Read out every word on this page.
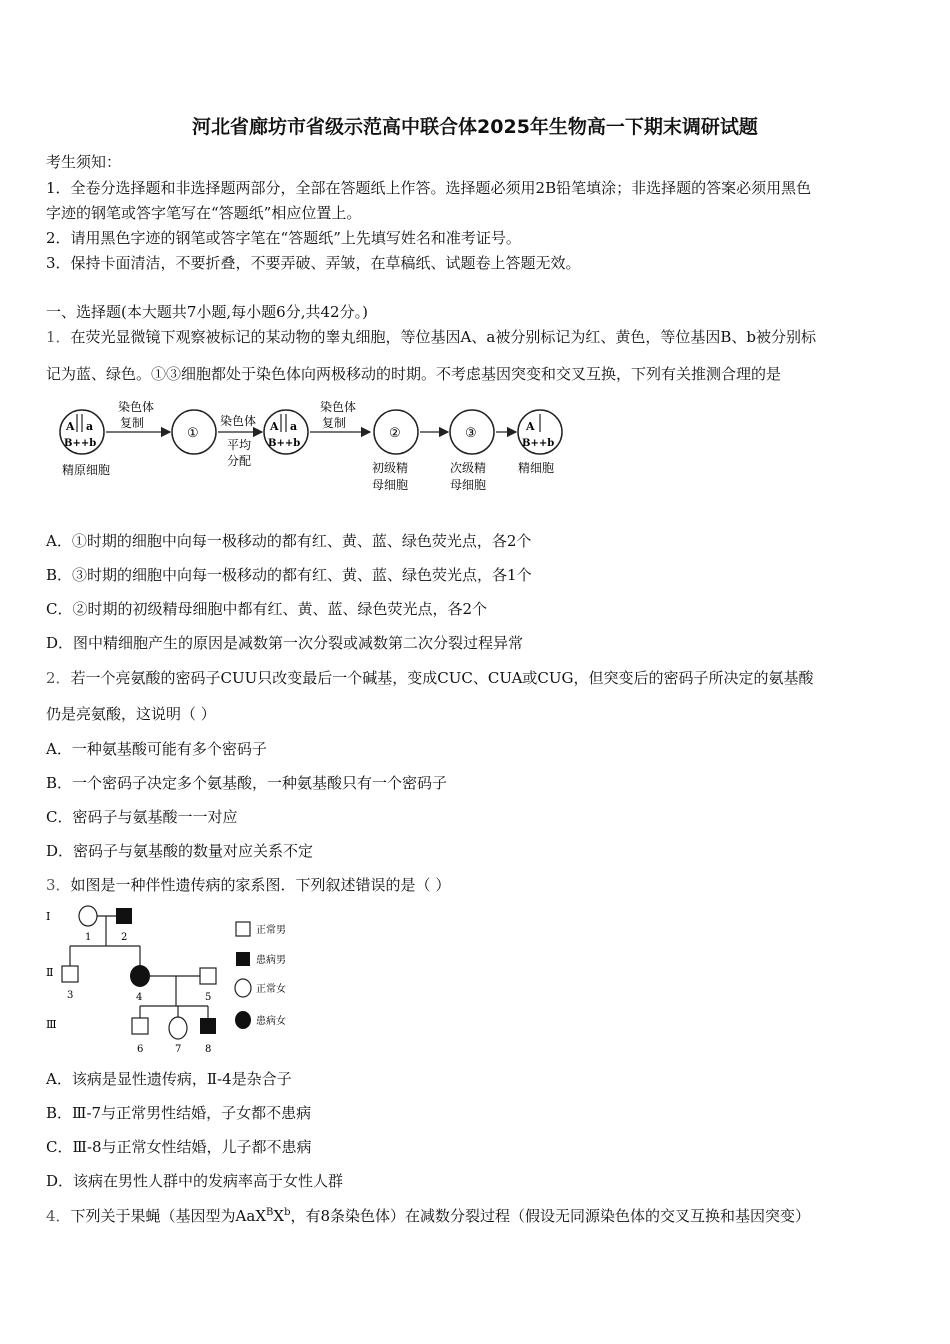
河北省廊坊市省级示范高中联合体2025年生物高一下期末调研试题
考生须知：
1．全卷分选择题和非选择题两部分，全部在答题纸上作答。选择题必须用2B铅笔填涂；非选择题的答案必须用黑色
字迹的钢笔或答字笔写在“答题纸”相应位置上。
2．请用黑色字迹的钢笔或答字笔在“答题纸”上先填写姓名和准考证号。
3．保持卡面清洁，不要折叠，不要弄破、弄皱，在草稿纸、试题卷上答题无效。
一、选择题(本大题共7小题,每小题6分,共42分。)
1．在荧光显微镜下观察被标记的某动物的睾丸细胞，等位基因A、a被分别标记为红、黄色，等位基因B、b被分别标
记为蓝、绿色。①③细胞都处于染色体向两极移动的时期。不考虑基因突变和交叉互换，下列有关推测合理的是
A a
B++b
精原细胞
染色体
复制
①
染色体
平均
分配
A a
B++b
染色体
复制
②
初级精
母细胞
③
次级精
母细胞
A
B++b
精细胞
A．①时期的细胞中向每一极移动的都有红、黄、蓝、绿色荧光点，各2个
B．③时期的细胞中向每一极移动的都有红、黄、蓝、绿色荧光点，各1个
C．②时期的初级精母细胞中都有红、黄、蓝、绿色荧光点，各2个
D．图中精细胞产生的原因是减数第一次分裂或减数第二次分裂过程异常
2．若一个亮氨酸的密码子CUU只改变最后一个碱基，变成CUC、CUA或CUG，但突变后的密码子所决定的氨基酸
仍是亮氨酸，这说明（ ）
A．一种氨基酸可能有多个密码子
B．一个密码子决定多个氨基酸，一种氨基酸只有一个密码子
C．密码子与氨基酸一一对应
D．密码子与氨基酸的数量对应关系不定
3．如图是一种伴性遗传病的家系图．下列叙述错误的是（ ）
Ⅰ
Ⅱ
Ⅲ
1	2
3	4	5
6	7 8
正常男
患病男
正常女
患病女
A．该病是显性遗传病，Ⅱ-4是杂合子
B．Ⅲ-7与正常男性结婚，子女都不患病
C．Ⅲ-8与正常女性结婚，儿子都不患病
D．该病在男性人群中的发病率高于女性人群
4．下列关于果蝇（基因型为$AaX^BX^b$，有8条染色体）在减数分裂过程（假设无同源染色体的交叉互换和基因突变）
